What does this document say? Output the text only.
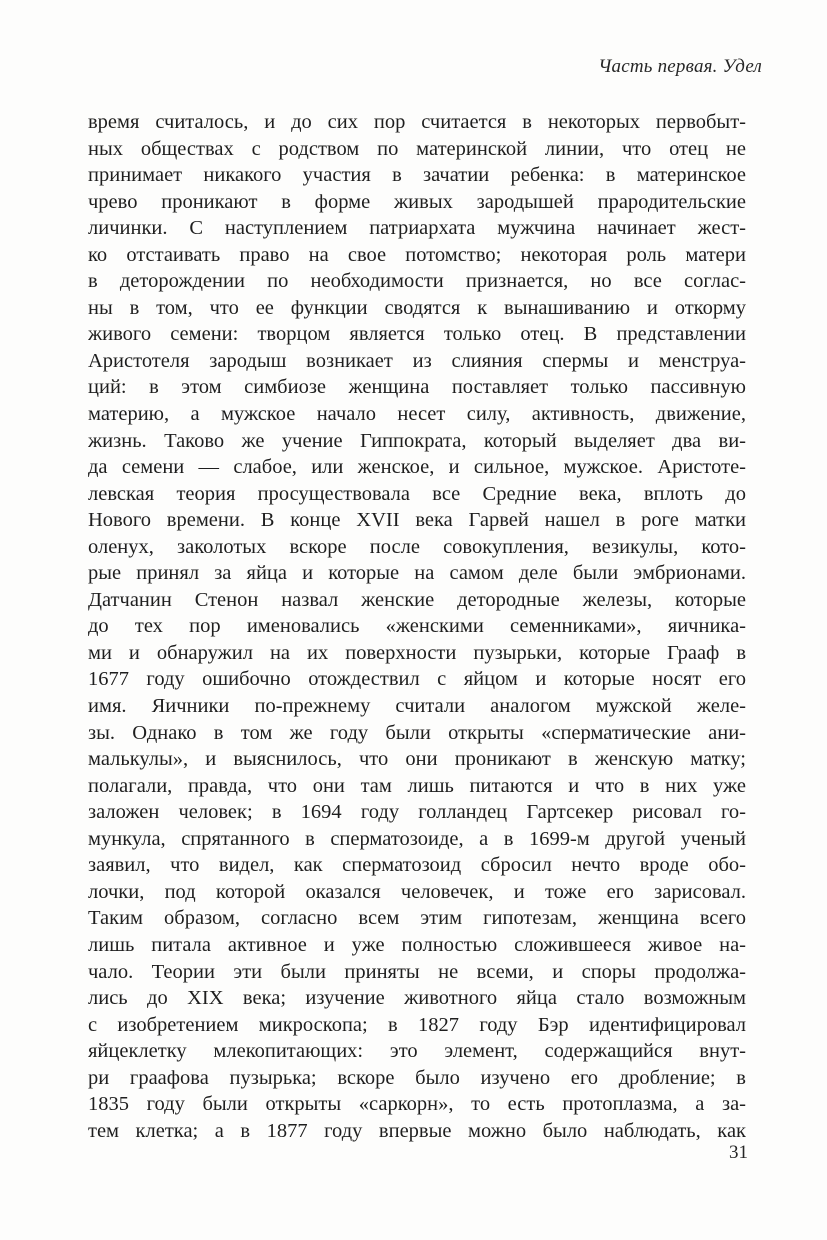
Часть первая. Удел
время считалось, и до сих пор считается в некоторых первобыт-
ных обществах с родством по материнской линии, что отец не
принимает никакого участия в зачатии ребенка: в материнское
чрево проникают в форме живых зародышей прародительские
личинки. С наступлением патриархата мужчина начинает жест-
ко отстаивать право на свое потомство; некоторая роль матери
в деторождении по необходимости признается, но все соглас-
ны в том, что ее функции сводятся к вынашиванию и откорму
живого семени: творцом является только отец. В представлении
Аристотеля зародыш возникает из слияния спермы и менструа-
ций: в этом симбиозе женщина поставляет только пассивную
материю, а мужское начало несет силу, активность, движение,
жизнь. Таково же учение Гиппократа, который выделяет два ви-
да семени — слабое, или женское, и сильное, мужское. Аристоте-
левская теория просуществовала все Средние века, вплоть до
Нового времени. В конце XVII века Гарвей нашел в роге матки
оленух, заколотых вскоре после совокупления, везикулы, кото-
рые принял за яйца и которые на самом деле были эмбрионами.
Датчанин Стенон назвал женские детородные железы, которые
до тех пор именовались «женскими семенниками», яичника-
ми и обнаружил на их поверхности пузырьки, которые Грааф в
1677 году ошибочно отождествил с яйцом и которые носят его
имя. Яичники по-прежнему считали аналогом мужской желе-
зы. Однако в том же году были открыты «сперматические ани-
малькулы», и выяснилось, что они проникают в женскую матку;
полагали, правда, что они там лишь питаются и что в них уже
заложен человек; в 1694 году голландец Гартсекер рисовал го-
мункула, спрятанного в сперматозоиде, а в 1699-м другой ученый
заявил, что видел, как сперматозоид сбросил нечто вроде обо-
лочки, под которой оказался человечек, и тоже его зарисовал.
Таким образом, согласно всем этим гипотезам, женщина всего
лишь питала активное и уже полностью сложившееся живое на-
чало. Теории эти были приняты не всеми, и споры продолжа-
лись до XIX века; изучение животного яйца стало возможным
с изобретением микроскопа; в 1827 году Бэр идентифицировал
яйцеклетку млекопитающих: это элемент, содержащийся внут-
ри граафова пузырька; вскоре было изучено его дробление; в
1835 году были открыты «саркорн», то есть протоплазма, а за-
тем клетка; а в 1877 году впервые можно было наблюдать, как
31
